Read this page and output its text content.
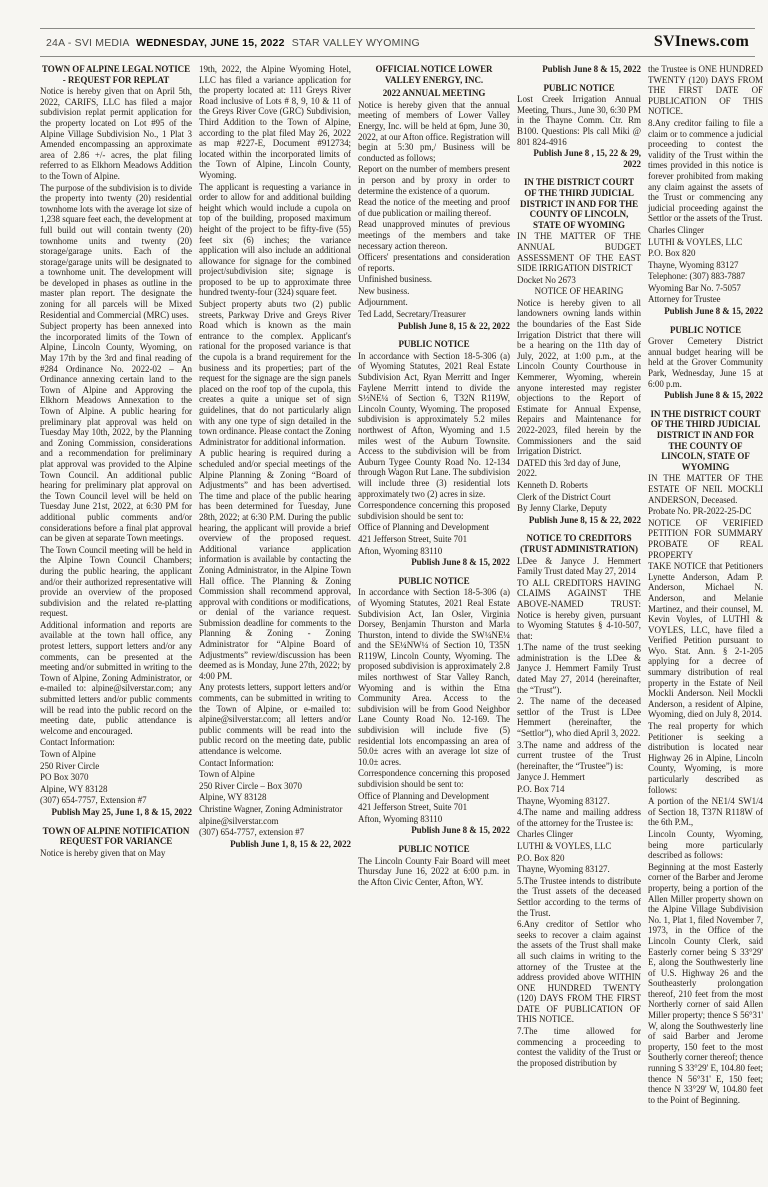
24A - SVI MEDIA WEDNESDAY, JUNE 15, 2022 STAR VALLEY WYOMING	SVInews.com
TOWN OF ALPINE LEGAL NOTICE - REQUEST FOR REPLAT
Notice is hereby given that on April 5th, 2022, CARIFS, LLC has filed a major subdivision replat permit application for the property located on Lot #95 of the Alpine Village Subdivision No., 1 Plat 3 Amended encompassing an approximate area of 2.86 +/- acres, the plat filing referred to as Elkhorn Meadows Addition to the Town of Alpine.
The purpose of the subdivision is to divide the property into twenty (20) residential townhome lots with the average lot size of 1,238 square feet each, the development at full build out will contain twenty (20) townhome units and twenty (20) storage/garage units. Each of the storage/garage units will be designated to a townhome unit. The development will be developed in phases as outline in the master plan report. The designate the zoning for all parcels will be Mixed Residential and Commercial (MRC) uses.
Subject property has been annexed into the incorporated limits of the Town of Alpine, Lincoln County, Wyoming, on May 17th by the 3rd and final reading of #284 Ordinance No. 2022-02 – An Ordinance annexing certain land to the Town of Alpine and Approving the Elkhorn Meadows Annexation to the Town of Alpine. A public hearing for preliminary plat approval was held on Tuesday May 10th, 2022, by the Planning and Zoning Commission, considerations and a recommendation for preliminary plat approval was provided to the Alpine Town Council. An additional public hearing for preliminary plat approval on the Town Council level will be held on Tuesday June 21st, 2022, at 6:30 PM for additional public comments and/or considerations before a final plat approval can be given at separate Town meetings.
The Town Council meeting will be held in the Alpine Town Council Chambers; during the public hearing, the applicant and/or their authorized representative will provide an overview of the proposed subdivision and the related re-platting request.
Additional information and reports are available at the town hall office, any protest letters, support letters and/or any comments, can be presented at the meeting and/or submitted in writing to the Town of Alpine, Zoning Administrator, or e-mailed to: alpine@silverstar.com; any submitted letters and/or public comments will be read into the public record on the meeting date, public attendance is welcome and encouraged.
Contact Information:
Town of Alpine
250 River Circle
PO Box 3070
Alpine, WY 83128
(307) 654-7757, Extension #7
Publish May 25, June 1, 8 & 15, 2022
TOWN OF ALPINE NOTIFICATION REQUEST FOR VARIANCE
Notice is hereby given that on May
19th, 2022, the Alpine Wyoming Hotel, LLC has filed a variance application for the property located at: 111 Greys River Road inclusive of Lots # 8, 9, 10 & 11 of the Greys River Cove (GRC) Subdivision, Third Addition to the Town of Alpine, according to the plat filed May 26, 2022 as map #227-E, Document #912734; located within the incorporated limits of the Town of Alpine, Lincoln County, Wyoming.
The applicant is requesting a variance in order to allow for and additional building height which would include a cupola on top of the building, proposed maximum height of the project to be fifty-five (55) feet six (6) inches; the variance application will also include an additional allowance for signage for the combined project/subdivision site; signage is proposed to be up to approximate three hundred twenty-four (324) square feet.
Subject property abuts two (2) public streets, Parkway Drive and Greys River Road which is known as the main entrance to the complex. Applicant's rational for the proposed variance is that the cupola is a brand requirement for the business and its properties; part of the request for the signage are the sign panels placed on the roof top of the cupola, this creates a quite a unique set of sign guidelines, that do not particularly align with any one type of sign detailed in the town ordinance. Please contact the Zoning Administrator for additional information.
A public hearing is required during a scheduled and/or special meetings of the Alpine Planning & Zoning “Board of Adjustments” and has been advertised. The time and place of the public hearing has been determined for Tuesday, June 28th, 2022; at 6:30 P.M. During the public hearing, the applicant will provide a brief overview of the proposed request. Additional variance application information is available by contacting the Zoning Administrator, in the Alpine Town Hall office. The Planning & Zoning Commission shall recommend approval, approval with conditions or modifications, or denial of the variance request. Submission deadline for comments to the Planning & Zoning - Zoning Administrator for “Alpine Board of Adjustments” review/discussion has been deemed as is Monday, June 27th, 2022; by 4:00 PM.
Any protests letters, support letters and/or comments, can be submitted in writing to the Town of Alpine, or e-mailed to: alpine@silverstar.com; all letters and/or public comments will be read into the public record on the meeting date, public attendance is welcome.
Contact Information:
Town of Alpine
250 River Circle – Box 3070
Alpine, WY 83128
Christine Wagner, Zoning Administrator
alpine@silverstar.com
(307) 654-7757, extension #7
Publish June 1, 8, 15 & 22, 2022
OFFICIAL NOTICE LOWER VALLEY ENERGY, INC.
2022 ANNUAL MEETING
Notice is hereby given that the annual meeting of members of Lower Valley Energy, Inc. will be held at 6pm, June 30, 2022, at our Afton office. Registration will begin at 5:30 pm,/ Business will be conducted as follows;
Report on the number of members present in person and by proxy in order to determine the existence of a quorum.
Read the notice of the meeting and proof of due publication or mailing thereof.
Read unapproved minutes of previous meetings of the members and take necessary action thereon.
Officers' presentations and consideration of reports.
Unfinished business.
New business.
Adjournment.
Ted Ladd, Secretary/Treasurer
Publish June 8, 15 & 22, 2022
PUBLIC NOTICE
In accordance with Section 18-5-306 (a) of Wyoming Statutes, 2021 Real Estate Subdivision Act, Ryan Merritt and Inger Faylene Merritt intend to divide the S½NE¼ of Section 6, T32N R119W, Lincoln County, Wyoming. The proposed subdivision is approximately 5.2 miles northwest of Afton, Wyoming and 1.5 miles west of the Auburn Townsite. Access to the subdivision will be from Auburn Tygee County Road No. 12-134 through Wagon Rut Lane. The subdivision will include three (3) residential lots approximately two (2) acres in size.
Correspondence concerning this proposed subdivision should be sent to:
Office of Planning and Development
421 Jefferson Street, Suite 701
Afton, Wyoming 83110
Publish June 8 & 15, 2022
PUBLIC NOTICE
In accordance with Section 18-5-306 (a) of Wyoming Statutes, 2021 Real Estate Subdivision Act, Ian Osler, Virginia Dorsey, Benjamin Thurston and Marla Thurston, intend to divide the SW¼NE¼ and the SE¼NW¼ of Section 10, T35N R119W, Lincoln County, Wyoming. The proposed subdivision is approximately 2.8 miles northwest of Star Valley Ranch, Wyoming and is within the Etna Community Area. Access to the subdivision will be from Good Neighbor Lane County Road No. 12-169. The subdivision will include five (5) residential lots encompassing an area of 50.0± acres with an average lot size of 10.0± acres.
Correspondence concerning this proposed subdivision should be sent to:
Office of Planning and Development
421 Jefferson Street, Suite 701
Afton, Wyoming 83110
Publish June 8 & 15, 2022
PUBLIC NOTICE
The Lincoln County Fair Board will meet Thursday June 16, 2022 at 6:00 p.m. in the Afton Civic Center, Afton, WY.
Publish June 8 & 15, 2022
PUBLIC NOTICE
Lost Creek Irrigation Annual Meeting, Thurs., June 30, 6:30 PM in the Thayne Comm. Ctr. Rm B100. Questions: Pls call Miki @ 801 824-4916
Publish June 8 , 15, 22 & 29, 2022
IN THE DISTRICT COURT OF THE THIRD JUDICIAL DISTRICT IN AND FOR THE COUNTY OF LINCOLN, STATE OF WYOMING
IN THE MATTER OF THE ANNUAL BUDGET ASSESSMENT OF THE EAST SIDE IRRIGATION DISTRICT
Docket No 2673
NOTICE OF HEARING
Notice is hereby given to all landowners owning lands within the boundaries of the East Side Irrigation District that there will be a hearing on the 11th day of July, 2022, at 1:00 p.m., at the Lincoln County Courthouse in Kemmerer, Wyoming, wherein anyone interested may register objections to the Report of Estimate for Annual Expense, Repairs and Maintenance for 2022-2023, filed herein by the Commissioners and the said Irrigation District.
DATED this 3rd day of June, 2022.
Kenneth D. Roberts
Clerk of the District Court
By Jenny Clarke, Deputy
Publish June 8, 15 & 22, 2022
NOTICE TO CREDITORS (TRUST ADMINISTRATION)
LDee & Janyce J. Hemmert Family Trust dated May 27, 2014
TO ALL CREDITORS HAVING CLAIMS AGAINST THE ABOVE-NAMED TRUST: Notice is hereby given, pursuant to Wyoming Statutes § 4-10-507, that:
1.The name of the trust seeking administration is the LDee & Janyce J. Hemmert Family Trust dated May 27, 2014 (hereinafter, the “Trust”).
2. The name of the deceased settlor of the Trust is LDee Hemmert (hereinafter, the “Settlor”), who died April 3, 2022.
3.The name and address of the current trustee of the Trust (hereinafter, the “Trustee”) is:
Janyce J. Hemmert
P.O. Box 714
Thayne, Wyoming 83127.
4.The name and mailing address of the attorney for the Trustee is:
Charles Clinger
LUTHI & VOYLES, LLC
P.O. Box 820
Thayne, Wyoming 83127.
5.The Trustee intends to distribute the Trust assets of the deceased Settlor according to the terms of the Trust.
6.Any creditor of Settlor who seeks to recover a claim against the assets of the Trust shall make all such claims in writing to the attorney of the Trustee at the address provided above WITHIN ONE HUNDRED TWENTY (120) DAYS FROM THE FIRST DATE OF PUBLICATION OF THIS NOTICE.
7.The time allowed for commencing a proceeding to contest the validity of the Trust or the proposed distribution by
the Trustee is ONE HUNDRED TWENTY (120) DAYS FROM THE FIRST DATE OF PUBLICATION OF THIS NOTICE.
8.Any creditor failing to file a claim or to commence a judicial proceeding to contest the validity of the Trust within the times provided in this notice is forever prohibited from making any claim against the assets of the Trust or commencing any judicial proceeding against the Settlor or the assets of the Trust.
Charles Clinger
LUTHI & VOYLES, LLC
P.O. Box 820
Thayne, Wyoming 83127
Telephone: (307) 883-7887
Wyoming Bar No. 7-5057
Attorney for Trustee
Publish June 8 & 15, 2022
PUBLIC NOTICE
Grover Cemetery District annual budget hearing will be held at the Grover Community Park, Wednesday, June 15 at 6:00 p.m.
Publish June 8 & 15, 2022
IN THE DISTRICT COURT OF THE THIRD JUDICIAL DISTRICT IN AND FOR THE COUNTY OF LINCOLN, STATE OF WYOMING
IN THE MATTER OF THE ESTATE OF NEIL MOCKLI ANDERSON, Deceased.
Probate No. PR-2022-25-DC
NOTICE OF VERIFIED PETITION FOR SUMMARY PROBATE OF REAL PROPERTY
TAKE NOTICE that Petitioners Lynette Anderson, Adam P. Anderson, Michael N. Anderson, and Melanie Martinez, and their counsel, M. Kevin Voyles, of LUTHI & VOYLES, LLC, have filed a Verified Petition pursuant to Wyo. Stat. Ann. § 2-1-205 applying for a decree of summary distribution of real property in the Estate of Neil Mockli Anderson. Neil Mockli Anderson, a resident of Alpine, Wyoming, died on July 8, 2014.
The real property for which Petitioner is seeking a distribution is located near Highway 26 in Alpine, Lincoln County, Wyoming, is more particularly described as follows:
A portion of the NE1/4 SW1/4 of Section 18, T37N R118W of the 6th P.M.,
Lincoln County, Wyoming, being more particularly described as follows:
Beginning at the most Easterly corner of the Barber and Jerome property, being a portion of the Allen Miller property shown on the Alpine Village Subdivision No. 1, Plat 1, filed November 7, 1973, in the Office of the Lincoln County Clerk, said Easterly corner being S 33°29' E, along the Southwesterly line of U.S. Highway 26 and the Southeasterly prolongation thereof, 210 feet from the most Northerly corner of said Allen Miller property; thence S 56°31' W, along the Southwesterly line of said Barber and Jerome property, 150 feet to the most Southerly corner thereof; thence running S 33°29' E, 104.80 feet; thence N 56°31' E, 150 feet; thence N 33°29' W, 104.80 feet to the Point of Beginning.
